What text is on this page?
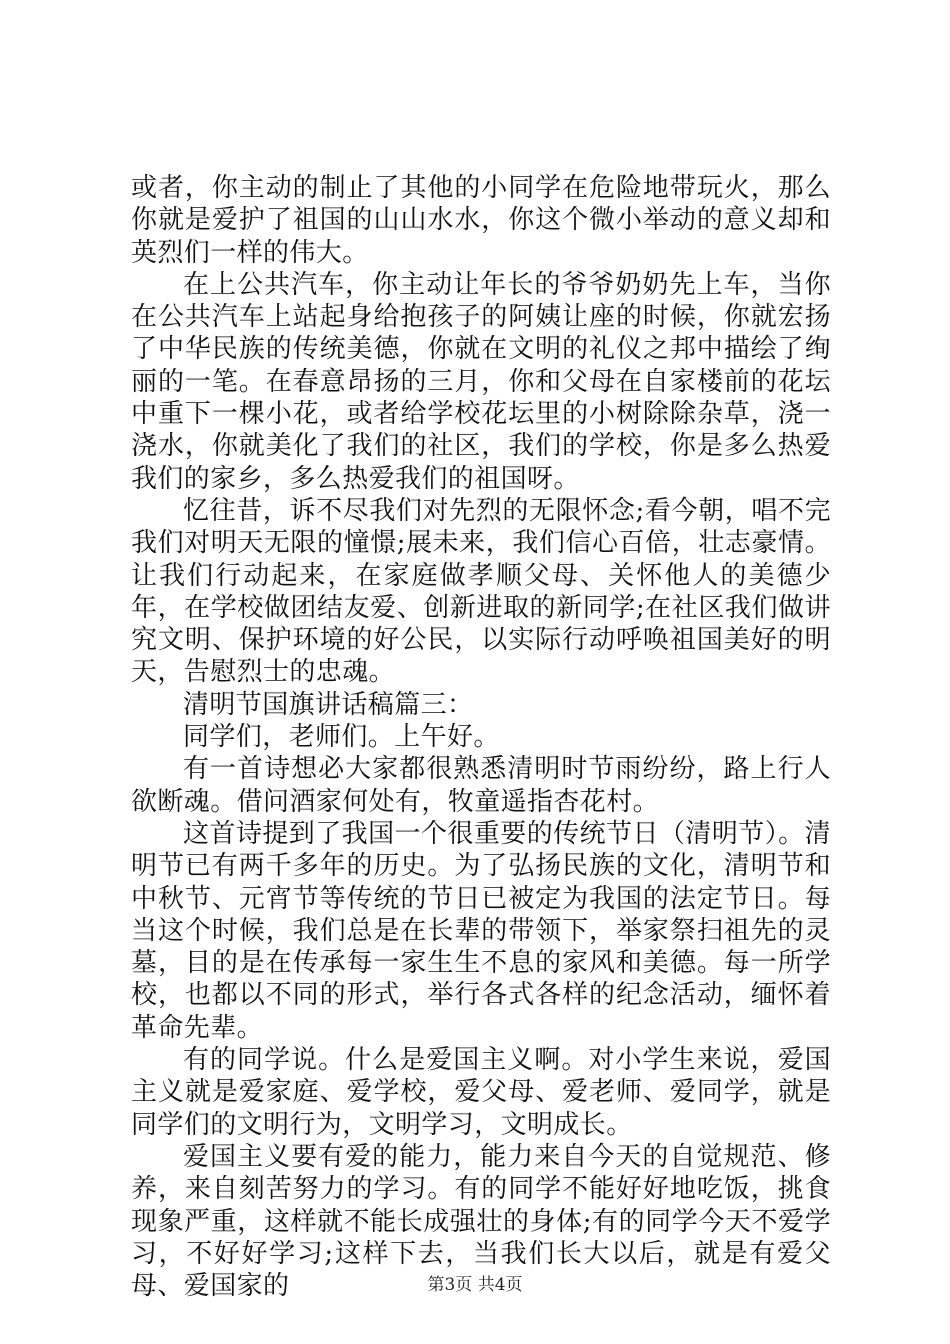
或者，你主动的制止了其他的小同学在危险地带玩火，那么你就是爱护了祖国的山山水水，你这个微小举动的意义却和英烈们一样的伟大。

在上公共汽车，你主动让年长的爷爷奶奶先上车，当你在公共汽车上站起身给抱孩子的阿姨让座的时候，你就宏扬了中华民族的传统美德，你就在文明的礼仪之邦中描绘了绚丽的一笔。在春意昂扬的三月，你和父母在自家楼前的花坛中重下一棵小花，或者给学校花坛里的小树除除杂草，浇一浇水，你就美化了我们的社区，我们的学校，你是多么热爱我们的家乡，多么热爱我们的祖国呀。

忆往昔，诉不尽我们对先烈的无限怀念;看今朝，唱不完我们对明天无限的憧憬;展未来，我们信心百倍，壮志豪情。让我们行动起来，在家庭做孝顺父母、关怀他人的美德少年，在学校做团结友爱、创新进取的新同学;在社区我们做讲究文明、保护环境的好公民，以实际行动呼唤祖国美好的明天，告慰烈士的忠魂。

清明节国旗讲话稿篇三：

同学们，老师们。上午好。

有一首诗想必大家都很熟悉清明时节雨纷纷，路上行人欲断魂。借问酒家何处有，牧童遥指杏花村。

这首诗提到了我国一个很重要的传统节日（清明节）。清明节已有两千多年的历史。为了弘扬民族的文化，清明节和中秋节、元宵节等传统的节日已被定为我国的法定节日。每当这个时候，我们总是在长辈的带领下，举家祭扫祖先的灵墓，目的是在传承每一家生生不息的家风和美德。每一所学校，也都以不同的形式，举行各式各样的纪念活动，缅怀着革命先辈。

有的同学说。什么是爱国主义啊。对小学生来说，爱国主义就是爱家庭、爱学校，爱父母、爱老师、爱同学，就是同学们的文明行为，文明学习，文明成长。

爱国主义要有爱的能力，能力来自今天的自觉规范、修养，来自刻苦努力的学习。有的同学不能好好地吃饭，挑食现象严重，这样就不能长成强壮的身体;有的同学今天不爱学习，不好好学习;这样下去，当我们长大以后，就是有爱父母、爱国家的	第3页 共4页
